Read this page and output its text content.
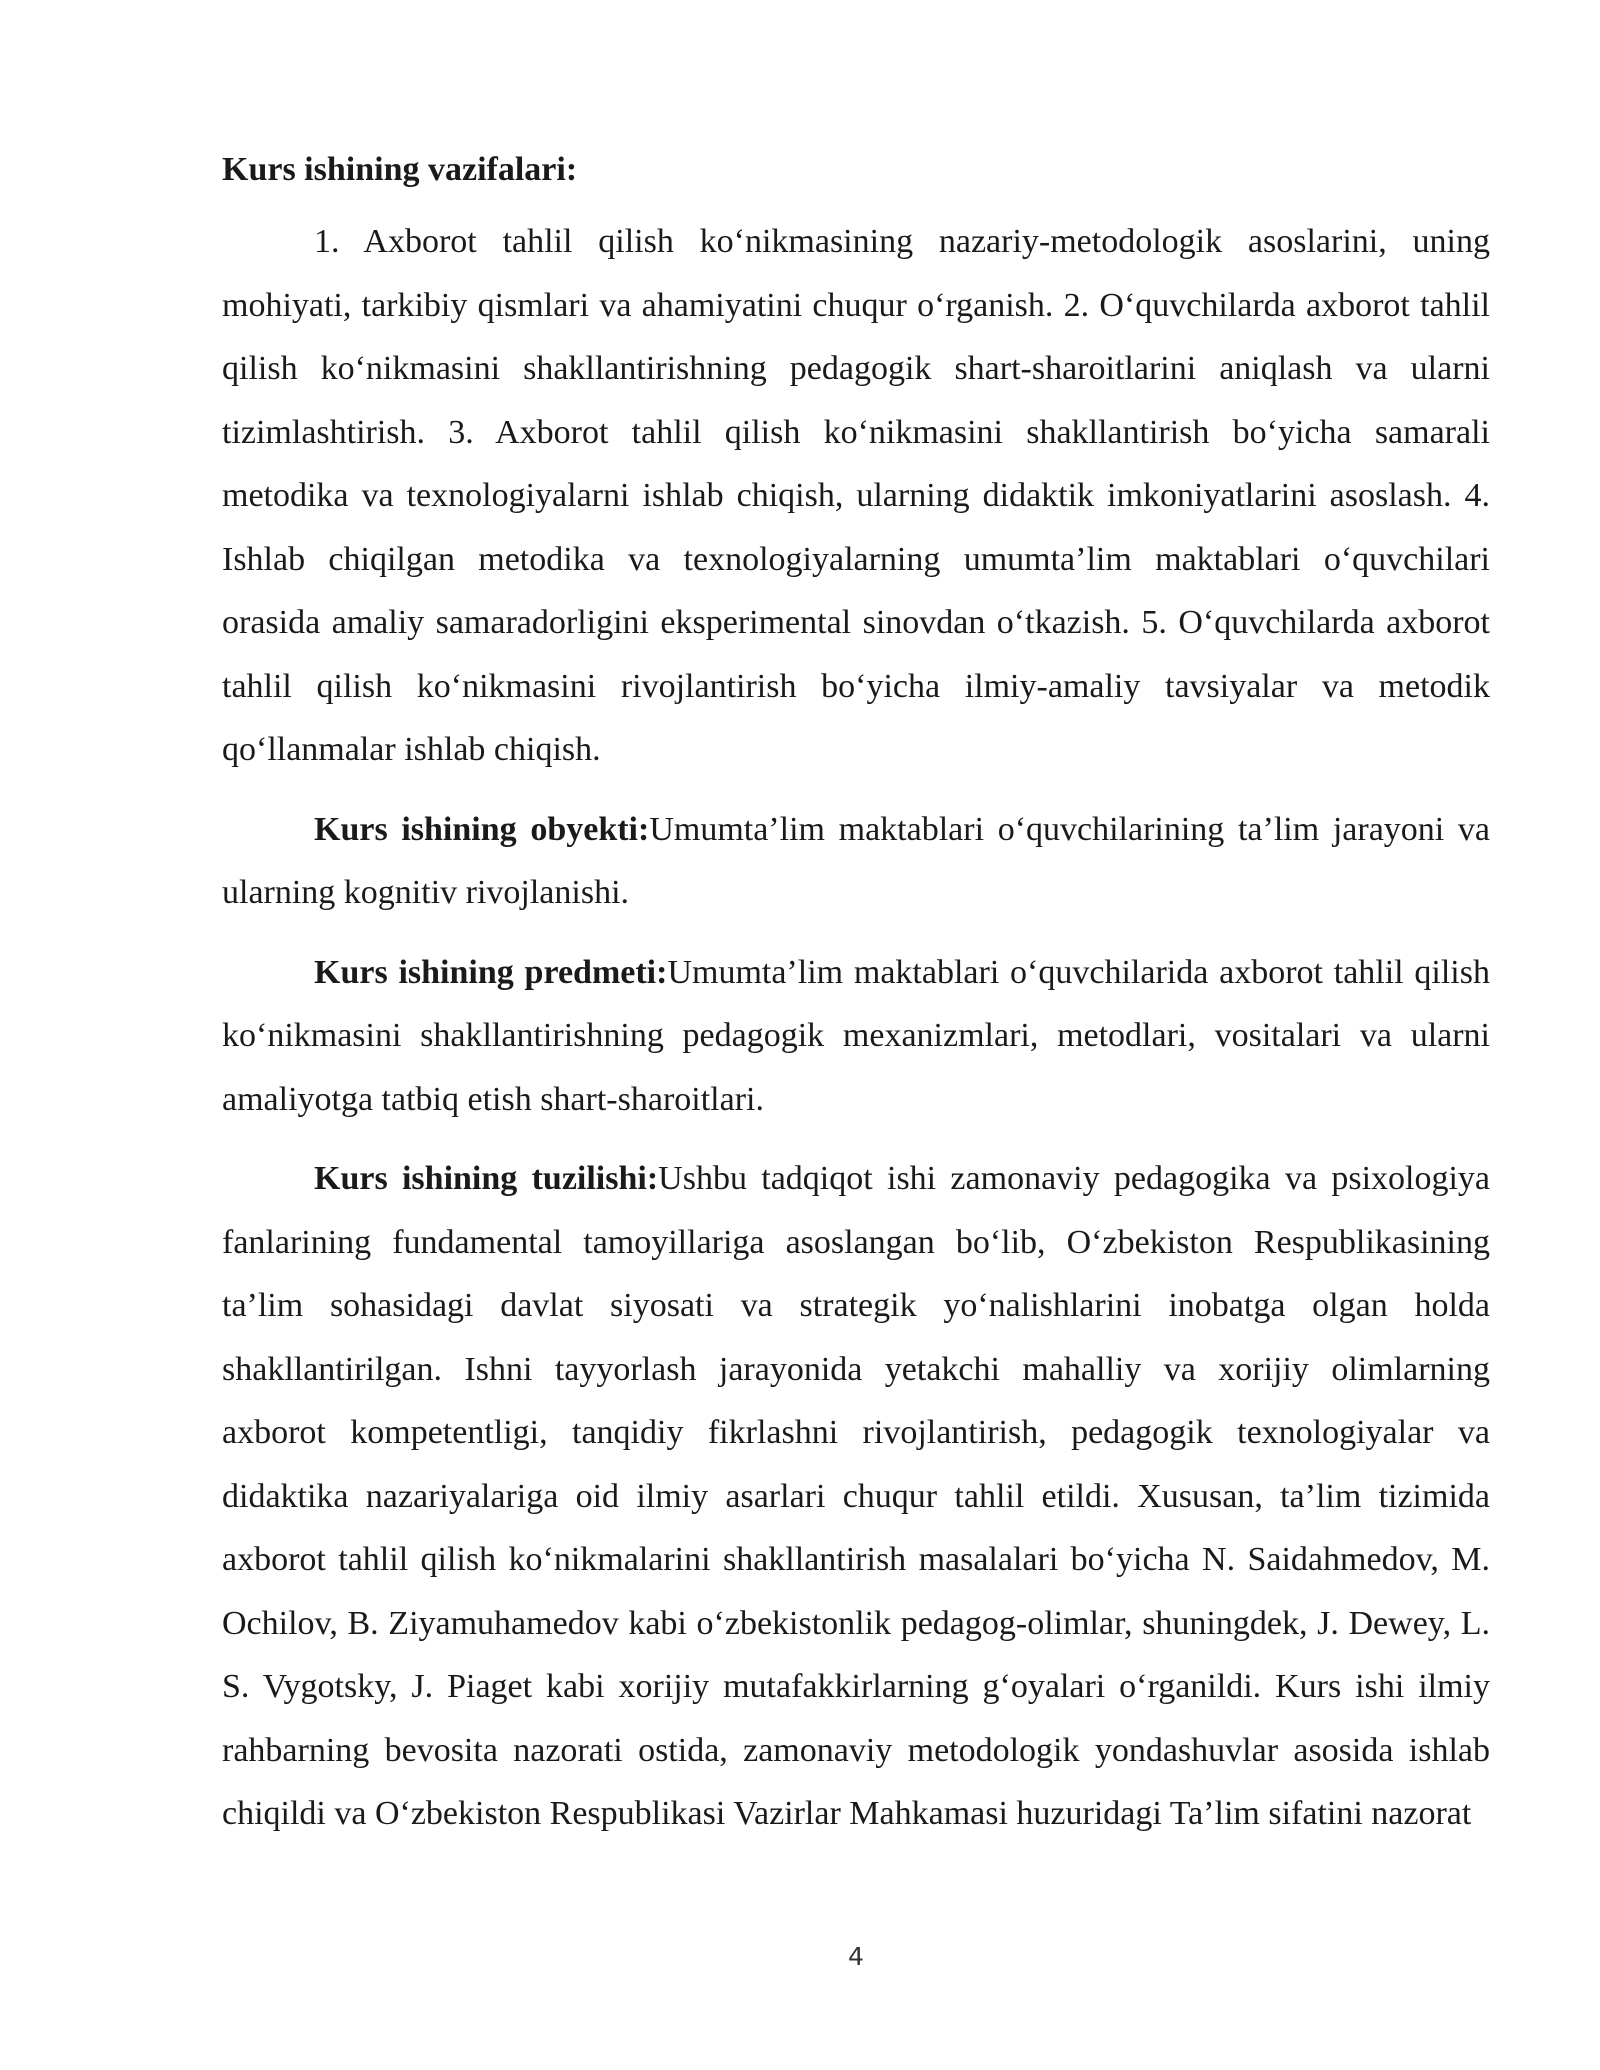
Kurs ishining vazifalari:

1. Axborot tahlil qilish ko‘nikmasining nazariy-metodologik asoslarini, uning mohiyati, tarkibiy qismlari va ahamiyatini chuqur o‘rganish. 2. O‘quvchilarda axborot tahlil qilish ko‘nikmasini shakllantirishning pedagogik shart-sharoitlarini aniqlash va ularni tizimlashtirish. 3. Axborot tahlil qilish ko‘nikmasini shakllantirish bo‘yicha samarali metodika va texnologiyalarni ishlab chiqish, ularning didaktik imkoniyatlarini asoslash. 4. Ishlab chiqilgan metodika va texnologiyalarning umumta’lim maktablari o‘quvchilari orasida amaliy samaradorligini eksperimental sinovdan o‘tkazish. 5. O‘quvchilarda axborot tahlil qilish ko‘nikmasini rivojlantirish bo‘yicha ilmiy-amaliy tavsiyalar va metodik qo‘llanmalar ishlab chiqish.

Kurs ishining obyekti:Umumta’lim maktablari o‘quvchilarining ta’lim jarayoni va ularning kognitiv rivojlanishi.

Kurs ishining predmeti:Umumta’lim maktablari o‘quvchilarida axborot tahlil qilish ko‘nikmasini shakllantirishning pedagogik mexanizmlari, metodlari, vositalari va ularni amaliyotga tatbiq etish shart-sharoitlari.

Kurs ishining tuzilishi:Ushbu tadqiqot ishi zamonaviy pedagogika va psixologiya fanlarining fundamental tamoyillariga asoslangan bo‘lib, O‘zbekiston Respublikasining ta’lim sohasidagi davlat siyosati va strategik yo‘nalishlarini inobatga olgan holda shakllantirilgan. Ishni tayyorlash jarayonida yetakchi mahalliy va xorijiy olimlarning axborot kompetentligi, tanqidiy fikrlashni rivojlantirish, pedagogik texnologiyalar va didaktika nazariyalariga oid ilmiy asarlari chuqur tahlil etildi. Xususan, ta’lim tizimida axborot tahlil qilish ko‘nikmalarini shakllantirish masalalari bo‘yicha N. Saidahmedov, M. Ochilov, B. Ziyamuhamedov kabi o‘zbekistonlik pedagog-olimlar, shuningdek, J. Dewey, L. S. Vygotsky, J. Piaget kabi xorijiy mutafakkirlarning g‘oyalari o‘rganildi. Kurs ishi ilmiy rahbarning bevosita nazorati ostida, zamonaviy metodologik yondashuvlar asosida ishlab chiqildi va O‘zbekiston Respublikasi Vazirlar Mahkamasi huzuridagi Ta’lim sifatini nazorat

4
